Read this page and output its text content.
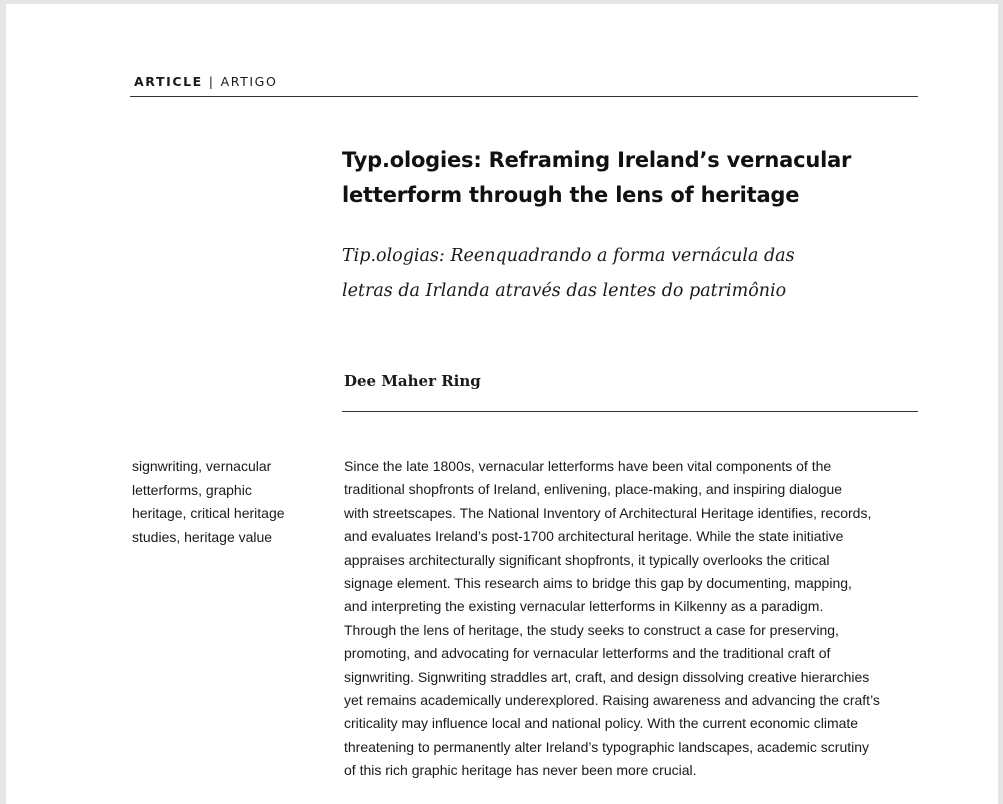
ARTICLE | ARTIGO
Typ.ologies: Reframing Ireland’s vernacular
letterform through the lens of heritage
Tip.ologias: Reenquadrando a forma vernácula das
letras da Irlanda através das lentes do patrimônio
Dee Maher Ring
signwriting, vernacular
letterforms, graphic
heritage, critical heritage
studies, heritage value
Since the late 1800s, vernacular letterforms have been vital components of the
traditional shopfronts of Ireland, enlivening, place-making, and inspiring dialogue
with streetscapes. The National Inventory of Architectural Heritage identifies, records,
and evaluates Ireland’s post-1700 architectural heritage. While the state initiative
appraises architecturally significant shopfronts, it typically overlooks the critical
signage element. This research aims to bridge this gap by documenting, mapping,
and interpreting the existing vernacular letterforms in Kilkenny as a paradigm.
Through the lens of heritage, the study seeks to construct a case for preserving,
promoting, and advocating for vernacular letterforms and the traditional craft of
signwriting. Signwriting straddles art, craft, and design dissolving creative hierarchies
yet remains academically underexplored. Raising awareness and advancing the craft’s
criticality may influence local and national policy. With the current economic climate
threatening to permanently alter Ireland’s typographic landscapes, academic scrutiny
of this rich graphic heritage has never been more crucial.
